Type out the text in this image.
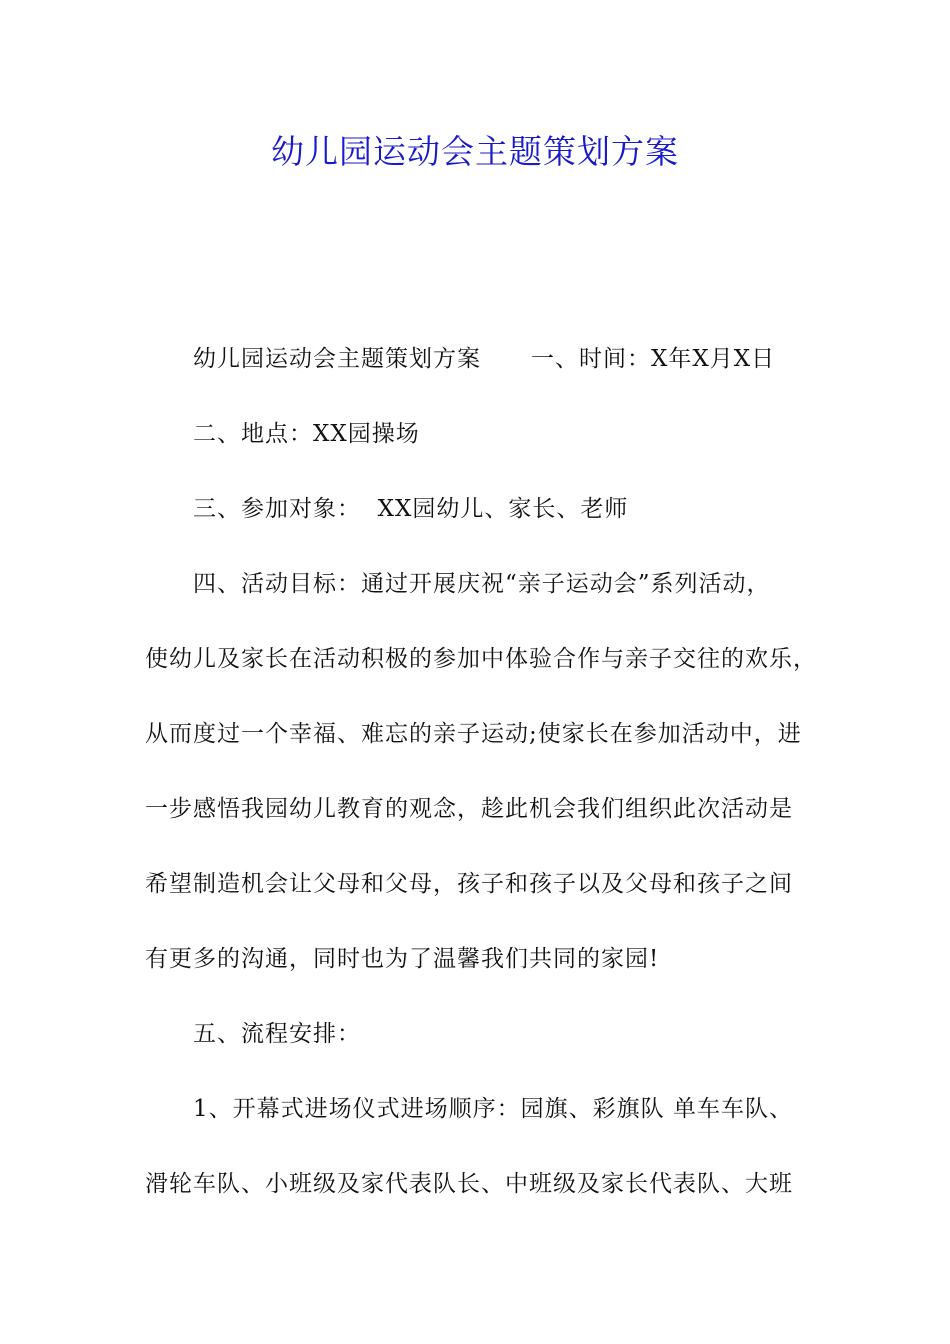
幼儿园运动会主题策划方案

幼儿园运动会主题策划方案 一、时间：X年X月X日

二、地点：XX园操场

三、参加对象：  XX园幼儿、家长、老师

四、活动目标：通过开展庆祝“亲子运动会”系列活动，

使幼儿及家长在活动积极的参加中体验合作与亲子交往的欢乐，

从而度过一个幸福、难忘的亲子运动;使家长在参加活动中，进

一步感悟我园幼儿教育的观念，趁此机会我们组织此次活动是

希望制造机会让父母和父母，孩子和孩子以及父母和孩子之间

有更多的沟通，同时也为了温馨我们共同的家园!

五、流程安排：

1、开幕式进场仪式进场顺序：园旗、彩旗队 单车车队、

滑轮车队、小班级及家代表队长、中班级及家长代表队、大班
